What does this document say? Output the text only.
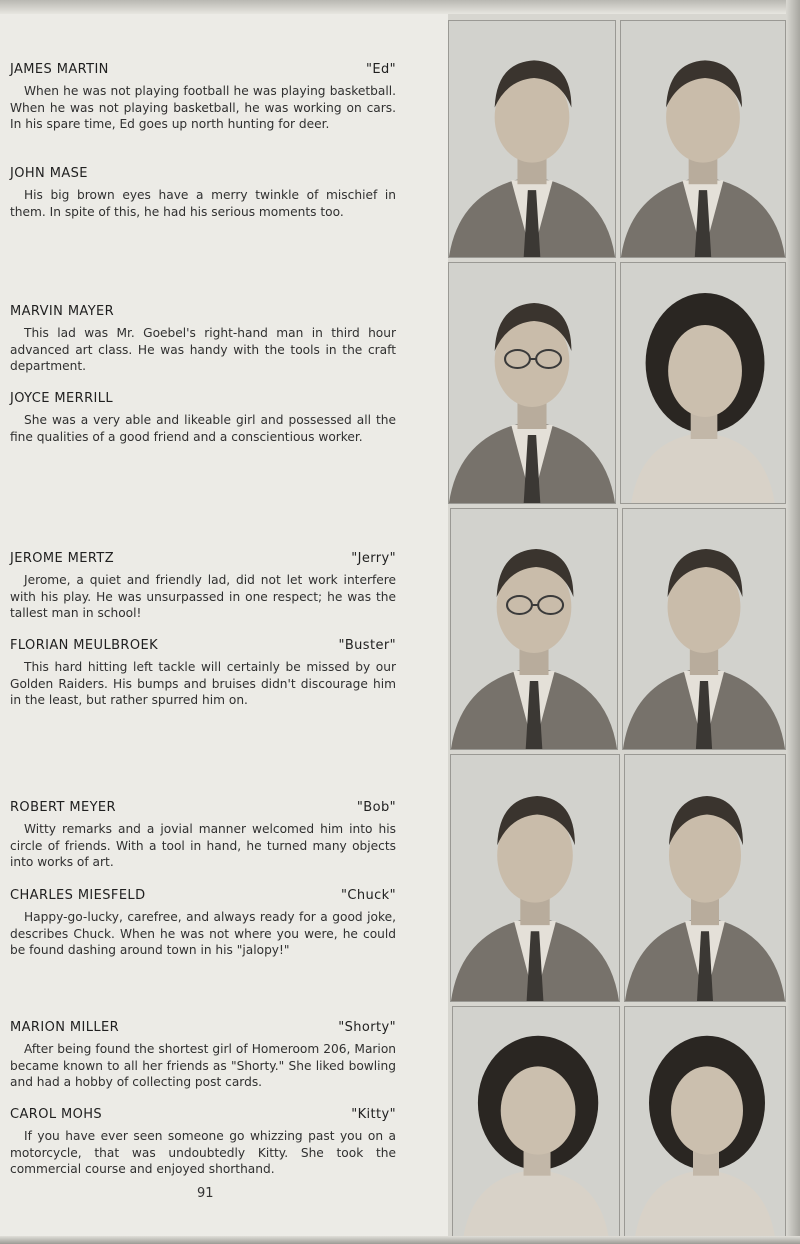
JAMES MARTIN	"Ed"
When he was not playing football he was playing basketball. When he was not playing basketball, he was working on cars. In his spare time, Ed goes up north hunting for deer.
JOHN MASE
His big brown eyes have a merry twinkle of mischief in them. In spite of this, he had his serious moments too.
MARVIN MAYER
This lad was Mr. Goebel's right-hand man in third hour advanced art class. He was handy with the tools in the craft department.
JOYCE MERRILL
She was a very able and likeable girl and possessed all the fine qualities of a good friend and a conscientious worker.
JEROME MERTZ	"Jerry"
Jerome, a quiet and friendly lad, did not let work interfere with his play. He was unsurpassed in one respect; he was the tallest man in school!
FLORIAN MEULBROEK	"Buster"
This hard hitting left tackle will certainly be missed by our Golden Raiders. His bumps and bruises didn't discourage him in the least, but rather spurred him on.
ROBERT MEYER	"Bob"
Witty remarks and a jovial manner welcomed him into his circle of friends. With a tool in hand, he turned many objects into works of art.
CHARLES MIESFELD	"Chuck"
Happy-go-lucky, carefree, and always ready for a good joke, describes Chuck. When he was not where you were, he could be found dashing around town in his "jalopy!"
MARION MILLER	"Shorty"
After being found the shortest girl of Homeroom 206, Marion became known to all her friends as "Shorty." She liked bowling and had a hobby of collecting post cards.
CAROL MOHS	"Kitty"
If you have ever seen someone go whizzing past you on a motorcycle, that was undoubtedly Kitty. She took the commercial course and enjoyed shorthand.
91
